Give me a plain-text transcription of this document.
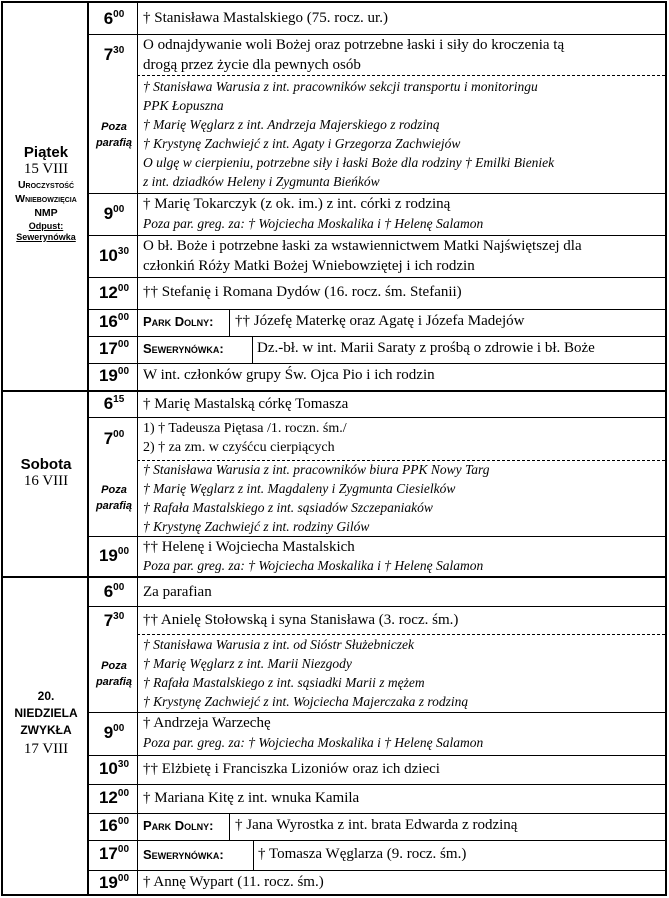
Piątek
15 VIII
Uroczystość Wniebowzięcia NMP
Odpust: Sewerynówka
$6^{00}$	† Stanisława Mastalskiego (75. rocz. ur.)
$7^{30}$	O odnajdywanie woli Bożej oraz potrzebne łaski i siły do kroczenia tą
drogą przez życie dla pewnych osób
Poza
parafią
† Stanisława Warusia z int. pracowników sekcji transportu i monitoringu
PPK Łopuszna
† Marię Węglarz z int. Andrzeja Majerskiego z rodziną
† Krystynę Zachwiejć z int. Agaty i Grzegorza Zachwiejów
O ulgę w cierpieniu, potrzebne siły i łaski Boże dla rodziny † Emilki Bieniek
z int. dziadków Heleny i Zygmunta Bieńków
$9^{00}$	† Marię Tokarczyk (z ok. im.) z int. córki z rodziną
Poza par. greg. za: † Wojciecha Moskalika i † Helenę Salamon
$10^{30}$ O bł. Boże i potrzebne łaski za wstawiennictwem Matki Najświętszej dla
członkiń Róży Matki Bożej Wniebowziętej i ich rodzin
$12^{00}$ †† Stefanię i Romana Dydów (16. rocz. śm. Stefanii)
$16^{00}$	Park Dolny: †† Józefę Materkę oraz Agatę i Józefa Madejów
$17^{00}$	Sewerynówka: Dz.-bł. w int. Marii Saraty z prośbą o zdrowie i bł. Boże
$19^{00}$ W int. członków grupy Św. Ojca Pio i ich rodzin
Sobota
16 VIII
$6^{15}$	† Marię Mastalską córkę Tomasza
$7^{00}$	1) † Tadeusza Piętasa /1. roczn. śm./
2) † za zm. w czyśćcu cierpiących
Poza
parafią
† Stanisława Warusia z int. pracowników biura PPK Nowy Targ
† Marię Węglarz z int. Magdaleny i Zygmunta Ciesielków
† Rafała Mastalskiego z int. sąsiadów Szczepaniaków
† Krystynę Zachwiejć z int. rodziny Gilów
$19^{00}$ †† Helenę i Wojciecha Mastalskich
Poza par. greg. za: † Wojciecha Moskalika i † Helenę Salamon
20.
NIEDZIELA
ZWYKŁA
17 VIII
$6^{00}$	Za parafian
$7^{30}$	†† Anielę Stołowską i syna Stanisława (3. rocz. śm.)
Poza
parafią
† Stanisława Warusia z int. od Sióstr Służebniczek
† Marię Węglarz z int. Marii Niezgody
† Rafała Mastalskiego z int. sąsiadki Marii z mężem
† Krystynę Zachwiejć z int. Wojciecha Majerczaka z rodziną
$9^{00}$	† Andrzeja Warzechę
Poza par. greg. za: † Wojciecha Moskalika i † Helenę Salamon
$10^{30}$ †† Elżbietę i Franciszka Lizoniów oraz ich dzieci
$12^{00}$ † Mariana Kitę z int. wnuka Kamila
$16^{00}$	Park Dolny: † Jana Wyrostka z int. brata Edwarda z rodziną
$17^{00}$	Sewerynówka: † Tomasza Węglarza (9. rocz. śm.)
$19^{00}$ † Annę Wypart (11. rocz. śm.)
